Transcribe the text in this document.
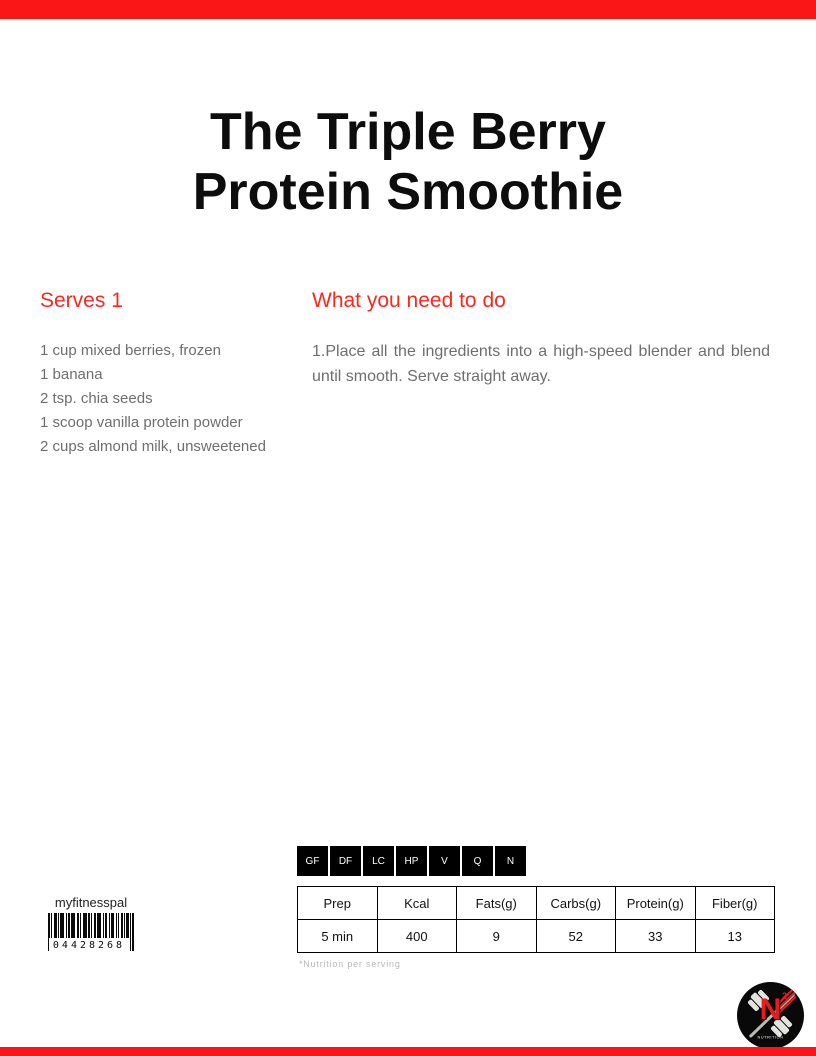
The Triple Berry
Protein Smoothie
Serves 1
1 cup mixed berries, frozen
1 banana
2 tsp. chia seeds
1 scoop vanilla protein powder
2 cups almond milk, unsweetened
What you need to do

1.Place all the ingredients into a high-speed blender and blend until smooth. Serve straight away.

GF	DF	LC	HP	V	Q	N
Prep	Kcal	Fats(g)	Carbs(g)	Protein(g)	Fiber(g)
5 min	400	9	52	33	13
*Nutrition per serving
myfitnesspal
04428268
N 2
NUTRITION
